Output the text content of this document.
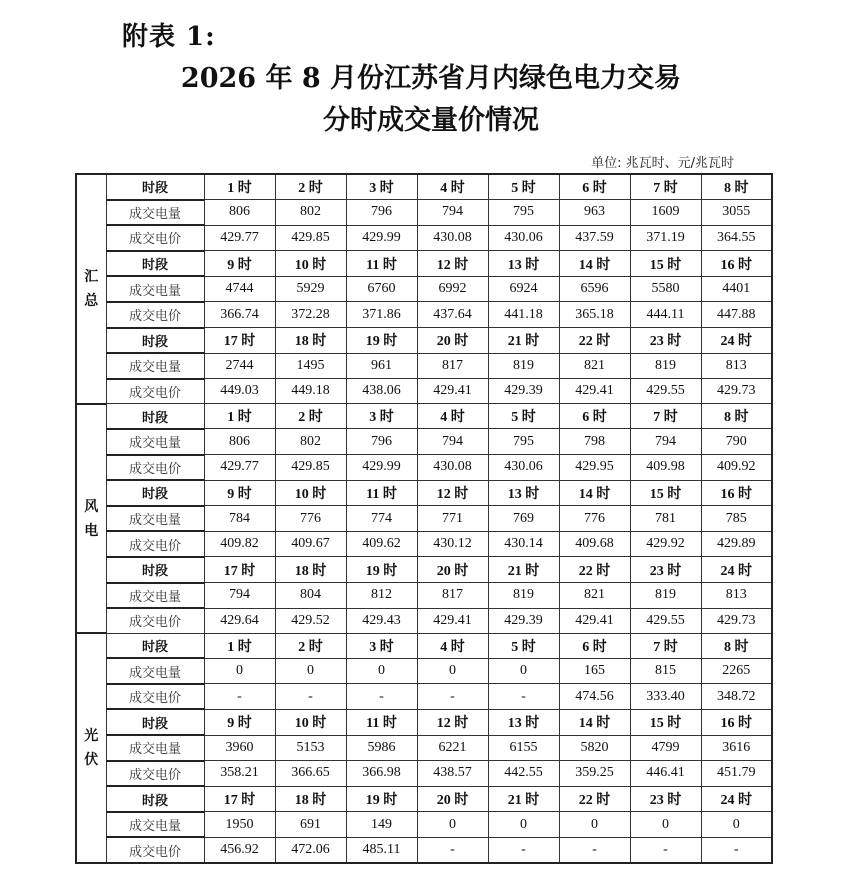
附表 1:
2026 年 8 月份江苏省月内绿色电力交易
分时成交量价情况
单位: 兆瓦时、元/兆瓦时
汇
总	时段	1 时	2 时	3 时	4 时	5 时	6 时	7 时	8 时
	成交电量	806	802	796	794	795	963	1609	3055
	成交电价	429.77	429.85	429.99	430.08	430.06	437.59	371.19	364.55
	时段	9 时	10 时	11 时	12 时	13 时	14 时	15 时	16 时
	成交电量	4744	5929	6760	6992	6924	6596	5580	4401
	成交电价	366.74	372.28	371.86	437.64	441.18	365.18	444.11	447.88
	时段	17 时	18 时	19 时	20 时	21 时	22 时	23 时	24 时
	成交电量	2744	1495	961	817	819	821	819	813
	成交电价	449.03	449.18	438.06	429.41	429.39	429.41	429.55	429.73

风
电	时段	1 时	2 时	3 时	4 时	5 时	6 时	7 时	8 时
	成交电量	806	802	796	794	795	798	794	790
	成交电价	429.77	429.85	429.99	430.08	430.06	429.95	409.98	409.92
	时段	9 时	10 时	11 时	12 时	13 时	14 时	15 时	16 时
	成交电量	784	776	774	771	769	776	781	785
	成交电价	409.82	409.67	409.62	430.12	430.14	409.68	429.92	429.89
	时段	17 时	18 时	19 时	20 时	21 时	22 时	23 时	24 时
	成交电量	794	804	812	817	819	821	819	813
	成交电价	429.64	429.52	429.43	429.41	429.39	429.41	429.55	429.73

光
伏	时段	1 时	2 时	3 时	4 时	5 时	6 时	7 时	8 时
	成交电量	0	0	0	0	0	165	815	2265
	成交电价	-	-	-	-	-	474.56	333.40	348.72
	时段	9 时	10 时	11 时	12 时	13 时	14 时	15 时	16 时
	成交电量	3960	5153	5986	6221	6155	5820	4799	3616
	成交电价	358.21	366.65	366.98	438.57	442.55	359.25	446.41	451.79
	时段	17 时	18 时	19 时	20 时	21 时	22 时	23 时	24 时
	成交电量	1950	691	149	0	0	0	0	0
	成交电价	456.92	472.06	485.11	-	-	-	-	-
